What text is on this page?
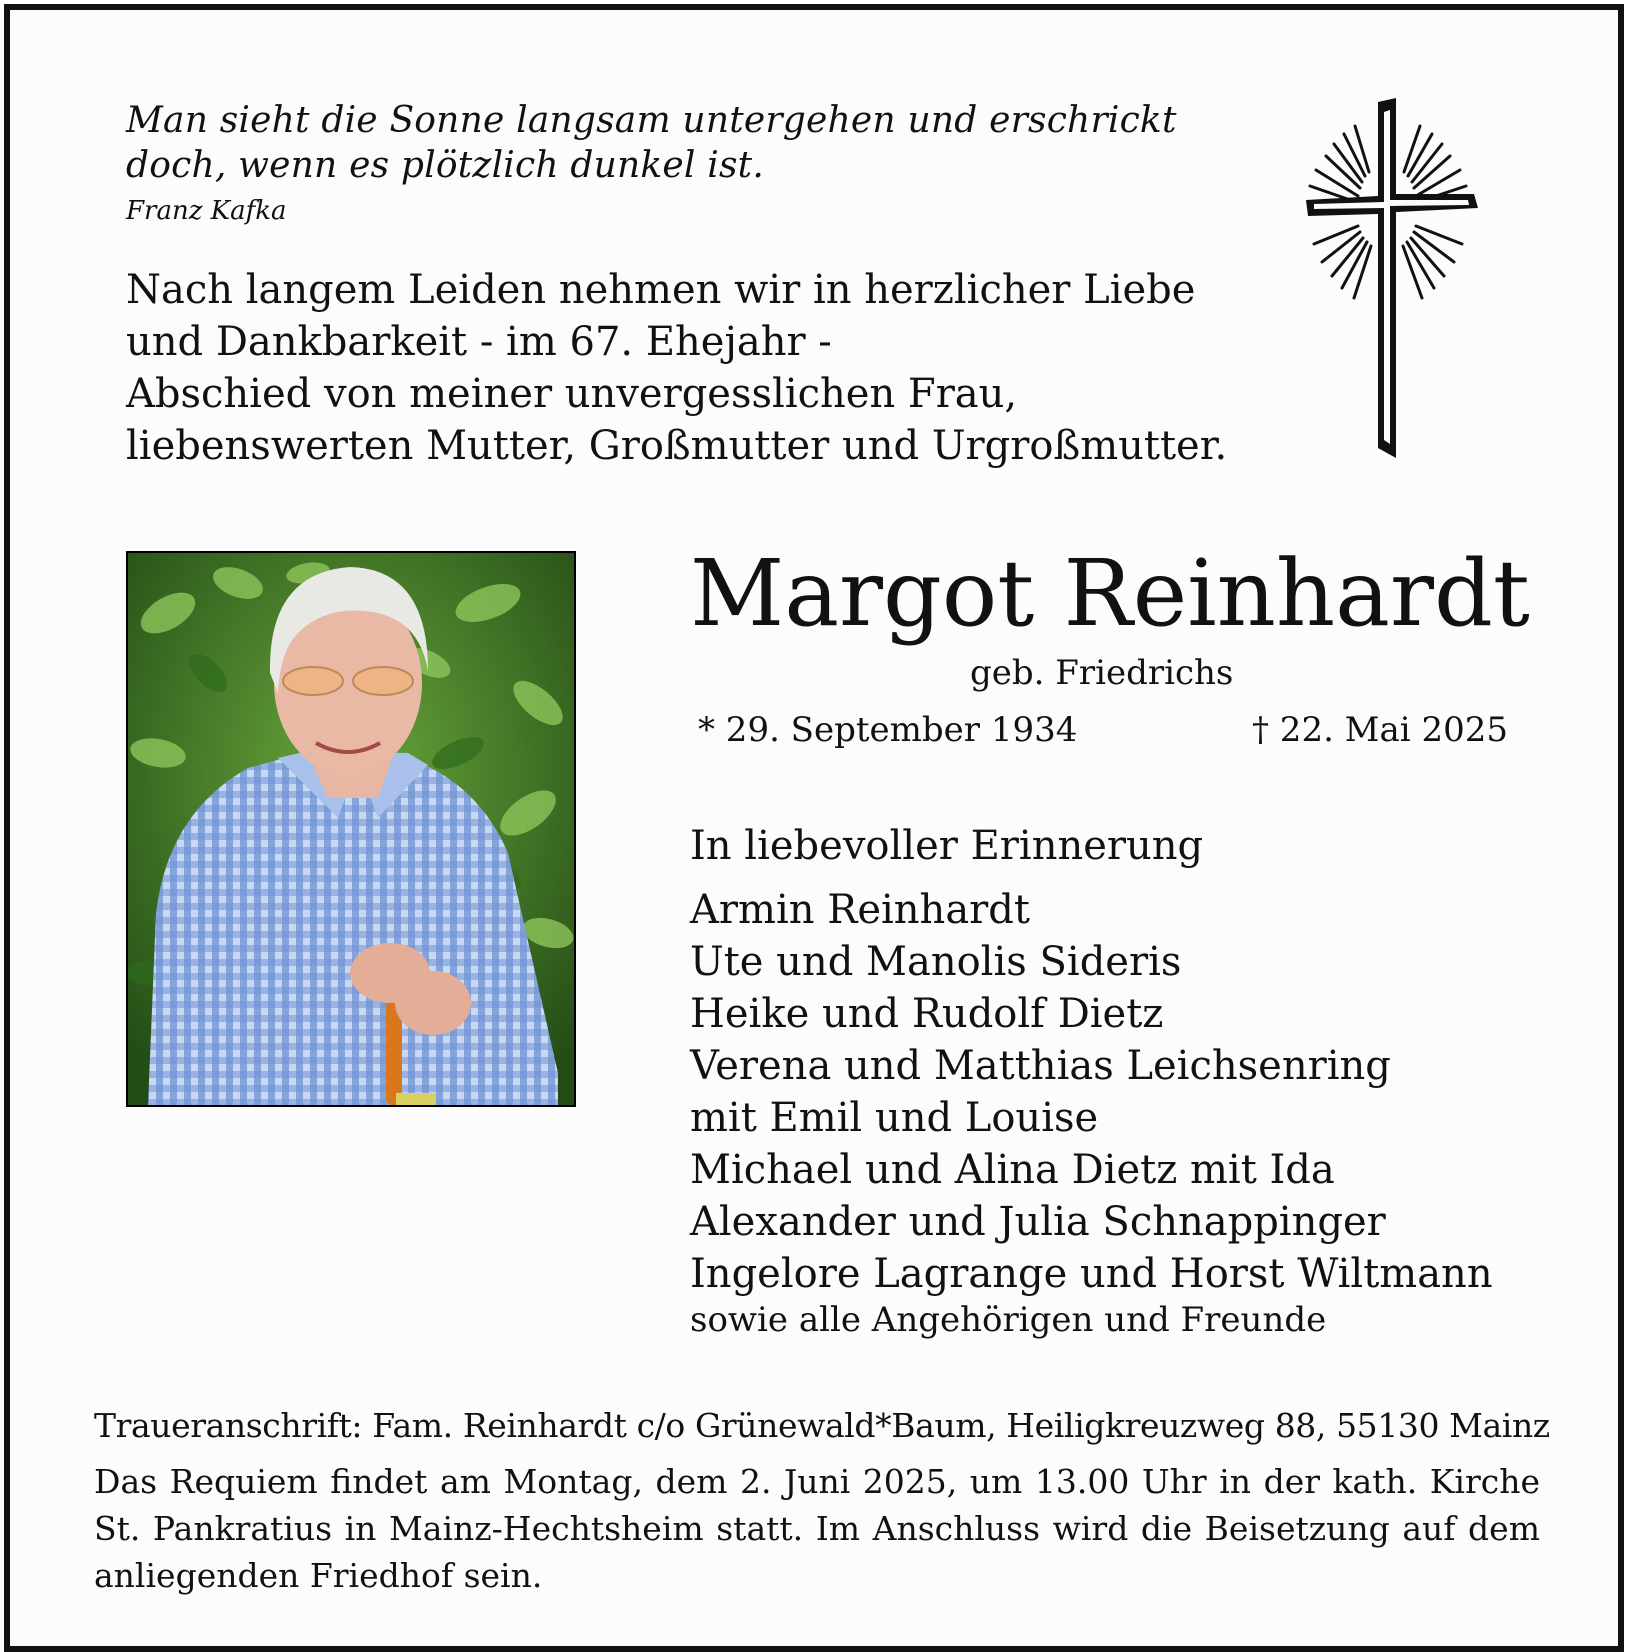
Man sieht die Sonne langsam untergehen und erschrickt doch, wenn es plötzlich dunkel ist.
Franz Kafka
Nach langem Leiden nehmen wir in herzlicher Liebe
und Dankbarkeit - im 67. Ehejahr -
Abschied von meiner unvergesslichen Frau,
liebenswerten Mutter, Großmutter und Urgroßmutter.
Margot Reinhardt
geb. Friedrichs
* 29. September 1934	† 22. Mai 2025
In liebevoller Erinnerung
Armin Reinhardt
Ute und Manolis Sideris
Heike und Rudolf Dietz
Verena und Matthias Leichsenring
mit Emil und Louise
Michael und Alina Dietz mit Ida
Alexander und Julia Schnappinger
Ingelore Lagrange und Horst Wiltmann
sowie alle Angehörigen und Freunde
Traueranschrift: Fam. Reinhardt c/o Grünewald*Baum, Heiligkreuzweg 88, 55130 Mainz
Das Requiem findet am Montag, dem 2. Juni 2025, um 13.00 Uhr in der kath. Kirche St. Pankratius in Mainz-Hechtsheim statt. Im Anschluss wird die Beisetzung auf dem anliegenden Friedhof sein.
